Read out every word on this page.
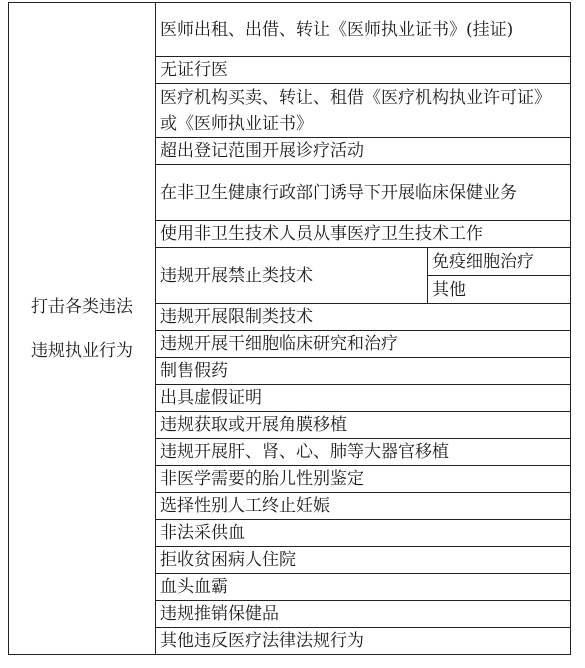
打击各类违法
违规执业行为	医师出租、出借、转让《医师执业证书》(挂证)	
	无证行医	
	医疗机构买卖、转让、租借《医疗机构执业许可证》或《医师执业证书》	
	超出登记范围开展诊疗活动	
	在非卫生健康行政部门诱导下开展临床保健业务	
	使用非卫生技术人员从事医疗卫生技术工作	
	违规开展禁止类技术	免疫细胞治疗
		其他
	违规开展限制类技术	
	违规开展干细胞临床研究和治疗	
	制售假药	
	出具虚假证明	
	违规获取或开展角膜移植	
	违规开展肝、肾、心、肺等大器官移植	
	非医学需要的胎儿性别鉴定	
	选择性别人工终止妊娠	
	非法采供血	
	拒收贫困病人住院	
	血头血霸	
	违规推销保健品	
	其他违反医疗法律法规行为	
